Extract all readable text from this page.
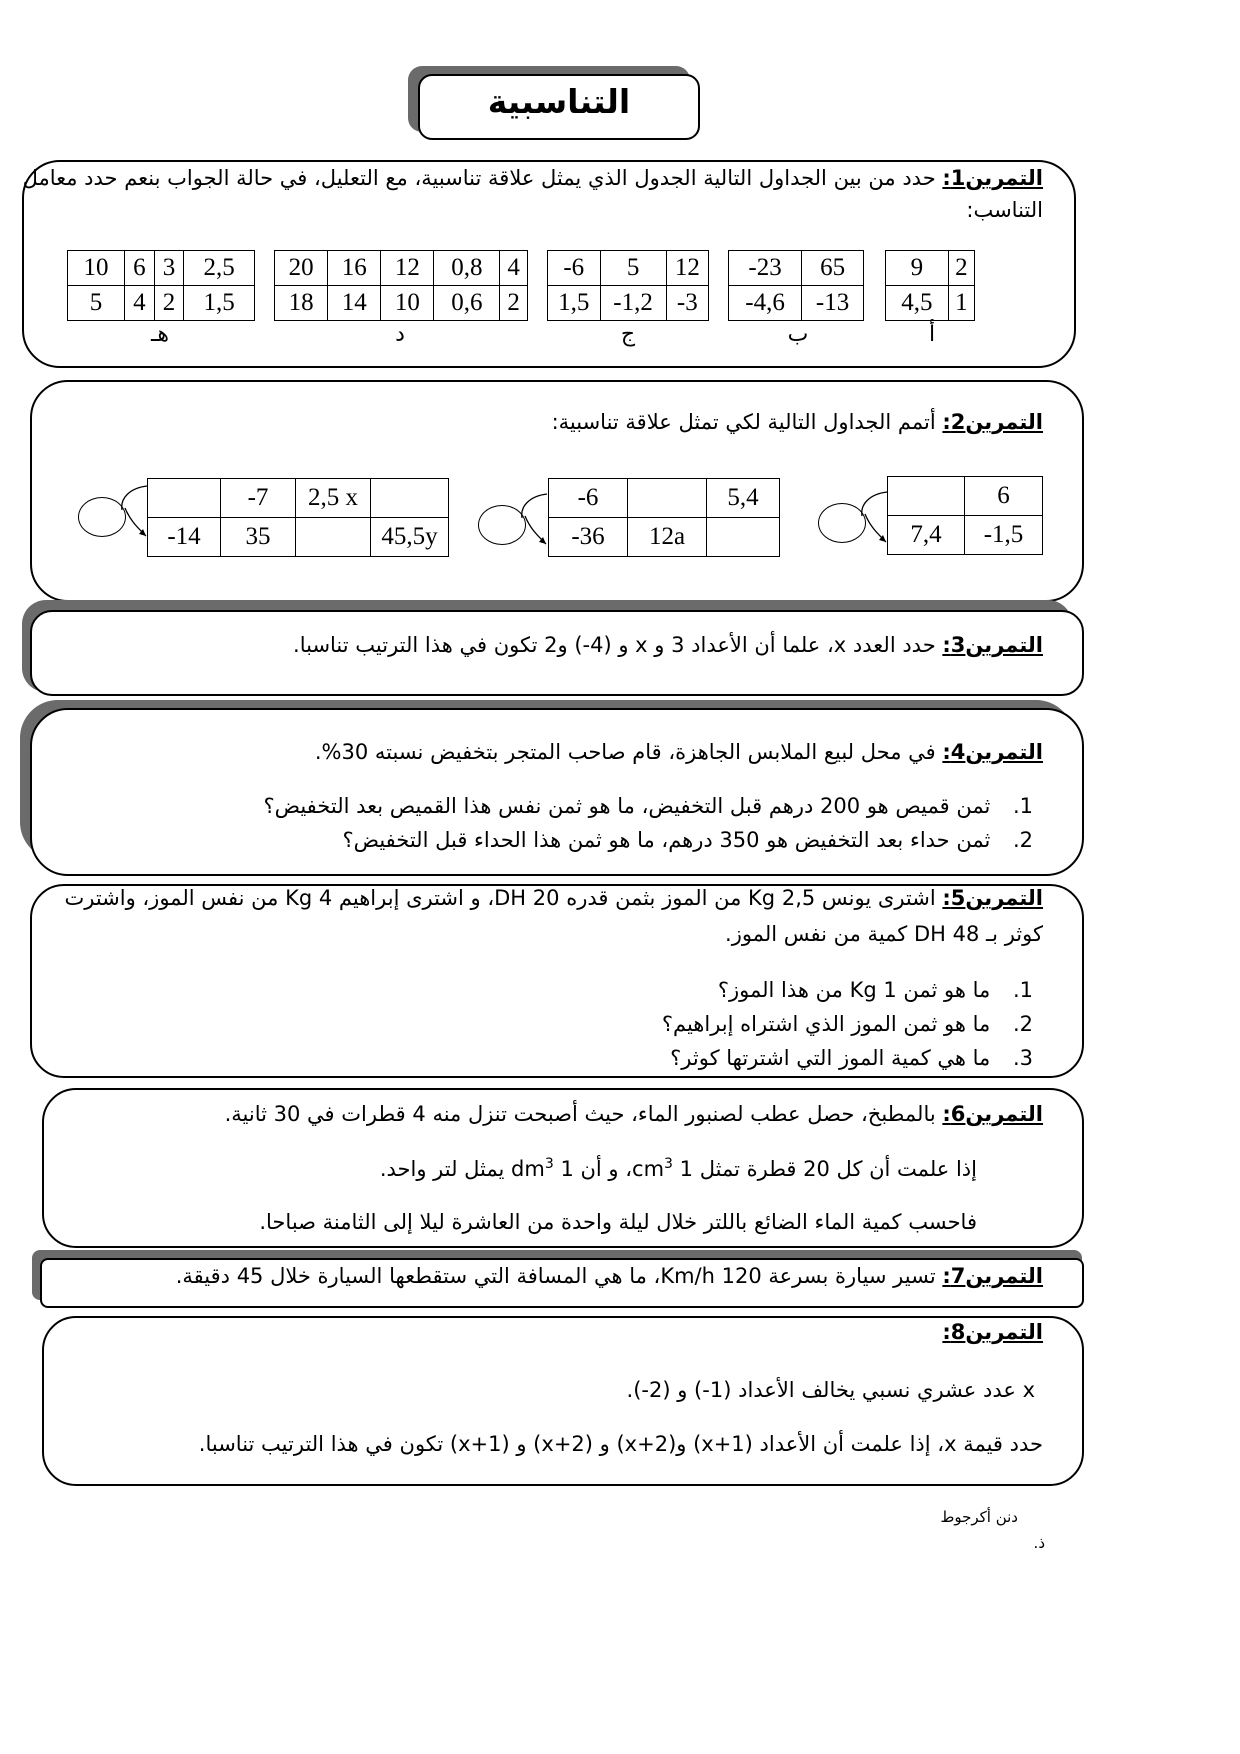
التناسبية
التمرين1: حدد من بين الجداول التالية الجدول الذي يمثل علاقة تناسبية، مع التعليل، في حالة الجواب بنعم حدد معامل
التناسب:
9	2
4,5	1
أ
-23	65
-4,6	-13
ب
-6	5	12
1,5	-1,2	-3
ج
20	16	12	0,8	4
18	14	10	0,6	2
د
10	6	3	2,5
5	4	2	1,5
هـ
التمرين2: أتمم الجداول التالية لكي تمثل علاقة تناسبية:
	-7	2,5 x	
-14	35		45,5y
-6		5,4
-36	12a	
	6
7,4	-1,5
التمرين3: حدد العدد x، علما أن الأعداد 3 و x و (4-) و2 تكون في هذا الترتيب تناسبا.
التمرين4: في محل لبيع الملابس الجاهزة، قام صاحب المتجر بتخفيض نسبته 30%.
1. ثمن قميص هو 200 درهم قبل التخفيض، ما هو ثمن نفس هذا القميص بعد التخفيض؟
2. ثمن حداء بعد التخفيض هو 350 درهم، ما هو ثمن هذا الحداء قبل التخفيض؟
التمرين5: اشترى يونس 2,5 Kg من الموز بثمن قدره 20 DH، و اشترى إبراهيم 4 Kg من نفس الموز، واشترت
كوثر بـ 48 DH كمية من نفس الموز.
1. ما هو ثمن 1 Kg من هذا الموز؟
2. ما هو ثمن الموز الذي اشتراه إبراهيم؟
3. ما هي كمية الموز التي اشترتها كوثر؟
التمرين6: بالمطبخ، حصل عطب لصنبور الماء، حيث أصبحت تنزل منه 4 قطرات في 30 ثانية.
إذا علمت أن كل 20 قطرة تمثل 1 $cm^3،$ و أن 1 $dm^3$ يمثل لتر واحد.
فاحسب كمية الماء الضائع باللتر خلال ليلة واحدة من العاشرة ليلا إلى الثامنة صباحا.
التمرين7: تسير سيارة بسرعة 120 Km/h، ما هي المسافة التي ستقطعها السيارة خلال 45 دقيقة.
التمرين8:
x عدد عشري نسبي يخالف الأعداد (1-) و (2-).
حدد قيمة x، إذا علمت أن الأعداد (x+1) و(x+2) و (x+2) و (x+1) تكون في هذا الترتيب تناسبا.
دنن أكرجوط
ذ.
